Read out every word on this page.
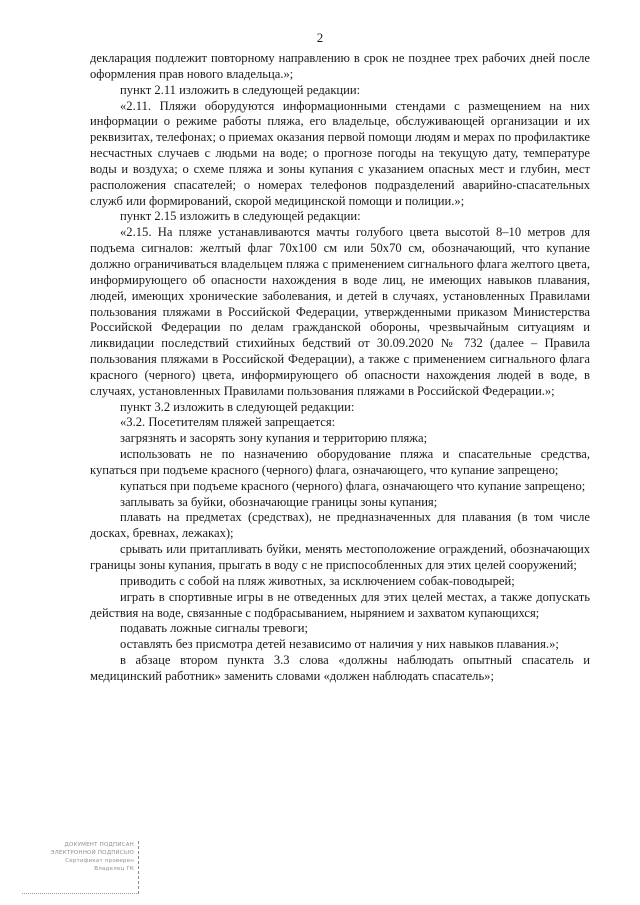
2

декларация подлежит повторному направлению в срок не позднее трех рабочих дней после оформления прав нового владельца.»;

пункт 2.11 изложить в следующей редакции:

«2.11. Пляжи оборудуются информационными стендами с размещением на них информации о режиме работы пляжа, его владельце, обслуживающей организации и их реквизитах, телефонах; о приемах оказания первой помощи людям и мерах по профилактике несчастных случаев с людьми на воде; о прогнозе погоды на текущую дату, температуре воды и воздуха; о схеме пляжа и зоны купания с указанием опасных мест и глубин, мест расположения спасателей; о номерах телефонов подразделений аварийно-спасательных служб или формирований, скорой медицинской помощи и полиции.»;

пункт 2.15 изложить в следующей редакции:

«2.15. На пляже устанавливаются мачты голубого цвета высотой 8–10 метров для подъема сигналов: желтый флаг 70х100 см или 50х70 см, обозначающий, что купание должно ограничиваться владельцем пляжа с применением сигнального флага желтого цвета, информирующего об опасности нахождения в воде лиц, не имеющих навыков плавания, людей, имеющих хронические заболевания, и детей в случаях, установленных Правилами пользования пляжами в Российской Федерации, утвержденными приказом Министерства Российской Федерации по делам гражданской обороны, чрезвычайным ситуациям и ликвидации последствий стихийных бедствий от 30.09.2020 № 732 (далее – Правила пользования пляжами в Российской Федерации), а также с применением сигнального флага красного (черного) цвета, информирующего об опасности нахождения людей в воде, в случаях, установленных Правилами пользования пляжами в Российской Федерации.»;

пункт 3.2 изложить в следующей редакции:

«3.2. Посетителям пляжей запрещается:

загрязнять и засорять зону купания и территорию пляжа;

использовать не по назначению оборудование пляжа и спасательные средства, купаться при подъеме красного (черного) флага, означающего, что купание запрещено;

купаться при подъеме красного (черного) флага, означающего что купание запрещено;

заплывать за буйки, обозначающие границы зоны купания;

плавать на предметах (средствах), не предназначенных для плавания (в том числе досках, бревнах, лежаках);

срывать или притапливать буйки, менять местоположение ограждений, обозначающих границы зоны купания, прыгать в воду с не приспособленных для этих целей сооружений;

приводить с собой на пляж животных, за исключением собак-поводырей;

играть в спортивные игры в не отведенных для этих целей местах, а также допускать действия на воде, связанные с подбрасыванием, нырянием и захватом купающихся;

подавать ложные сигналы тревоги;

оставлять без присмотра детей независимо от наличия у них навыков плавания.»;

в абзаце втором пункта 3.3 слова «должны наблюдать опытный спасатель и медицинский работник» заменить словами «должен наблюдать спасатель»;

ДОКУМЕНТ ПОДПИСАН
ЭЛЕКТРОННОЙ ПОДПИСЬЮ
Сертификат проверен
Владелец ГК
